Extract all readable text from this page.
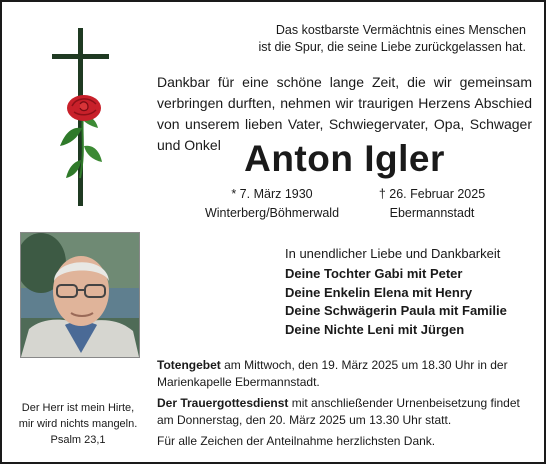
Das kostbarste Vermächtnis eines Menschen
ist die Spur, die seine Liebe zurückgelassen hat.
Dankbar für eine schöne lange Zeit, die wir gemeinsam verbringen durften, nehmen wir traurigen Herzens Abschied von unserem lieben Vater, Schwiegervater, Opa, Schwager und Onkel Anton Igler
* 7. März 1930
Winterberg/Böhmerwald
† 26. Februar 2025
Ebermannstadt
Der Herr ist mein Hirte,
mir wird nichts mangeln.
Psalm 23,1
In unendlicher Liebe und Dankbarkeit
Deine Tochter Gabi mit Peter
Deine Enkelin Elena mit Henry
Deine Schwägerin Paula mit Familie
Deine Nichte Leni mit Jürgen
Totengebet am Mittwoch, den 19. März 2025 um 18.30 Uhr in der Marienkapelle Ebermannstadt.
Der Trauergottesdienst mit anschließender Urnenbeisetzung findet am Donnerstag, den 20. März 2025 um 13.30 Uhr statt.
Für alle Zeichen der Anteilnahme herzlichsten Dank.
